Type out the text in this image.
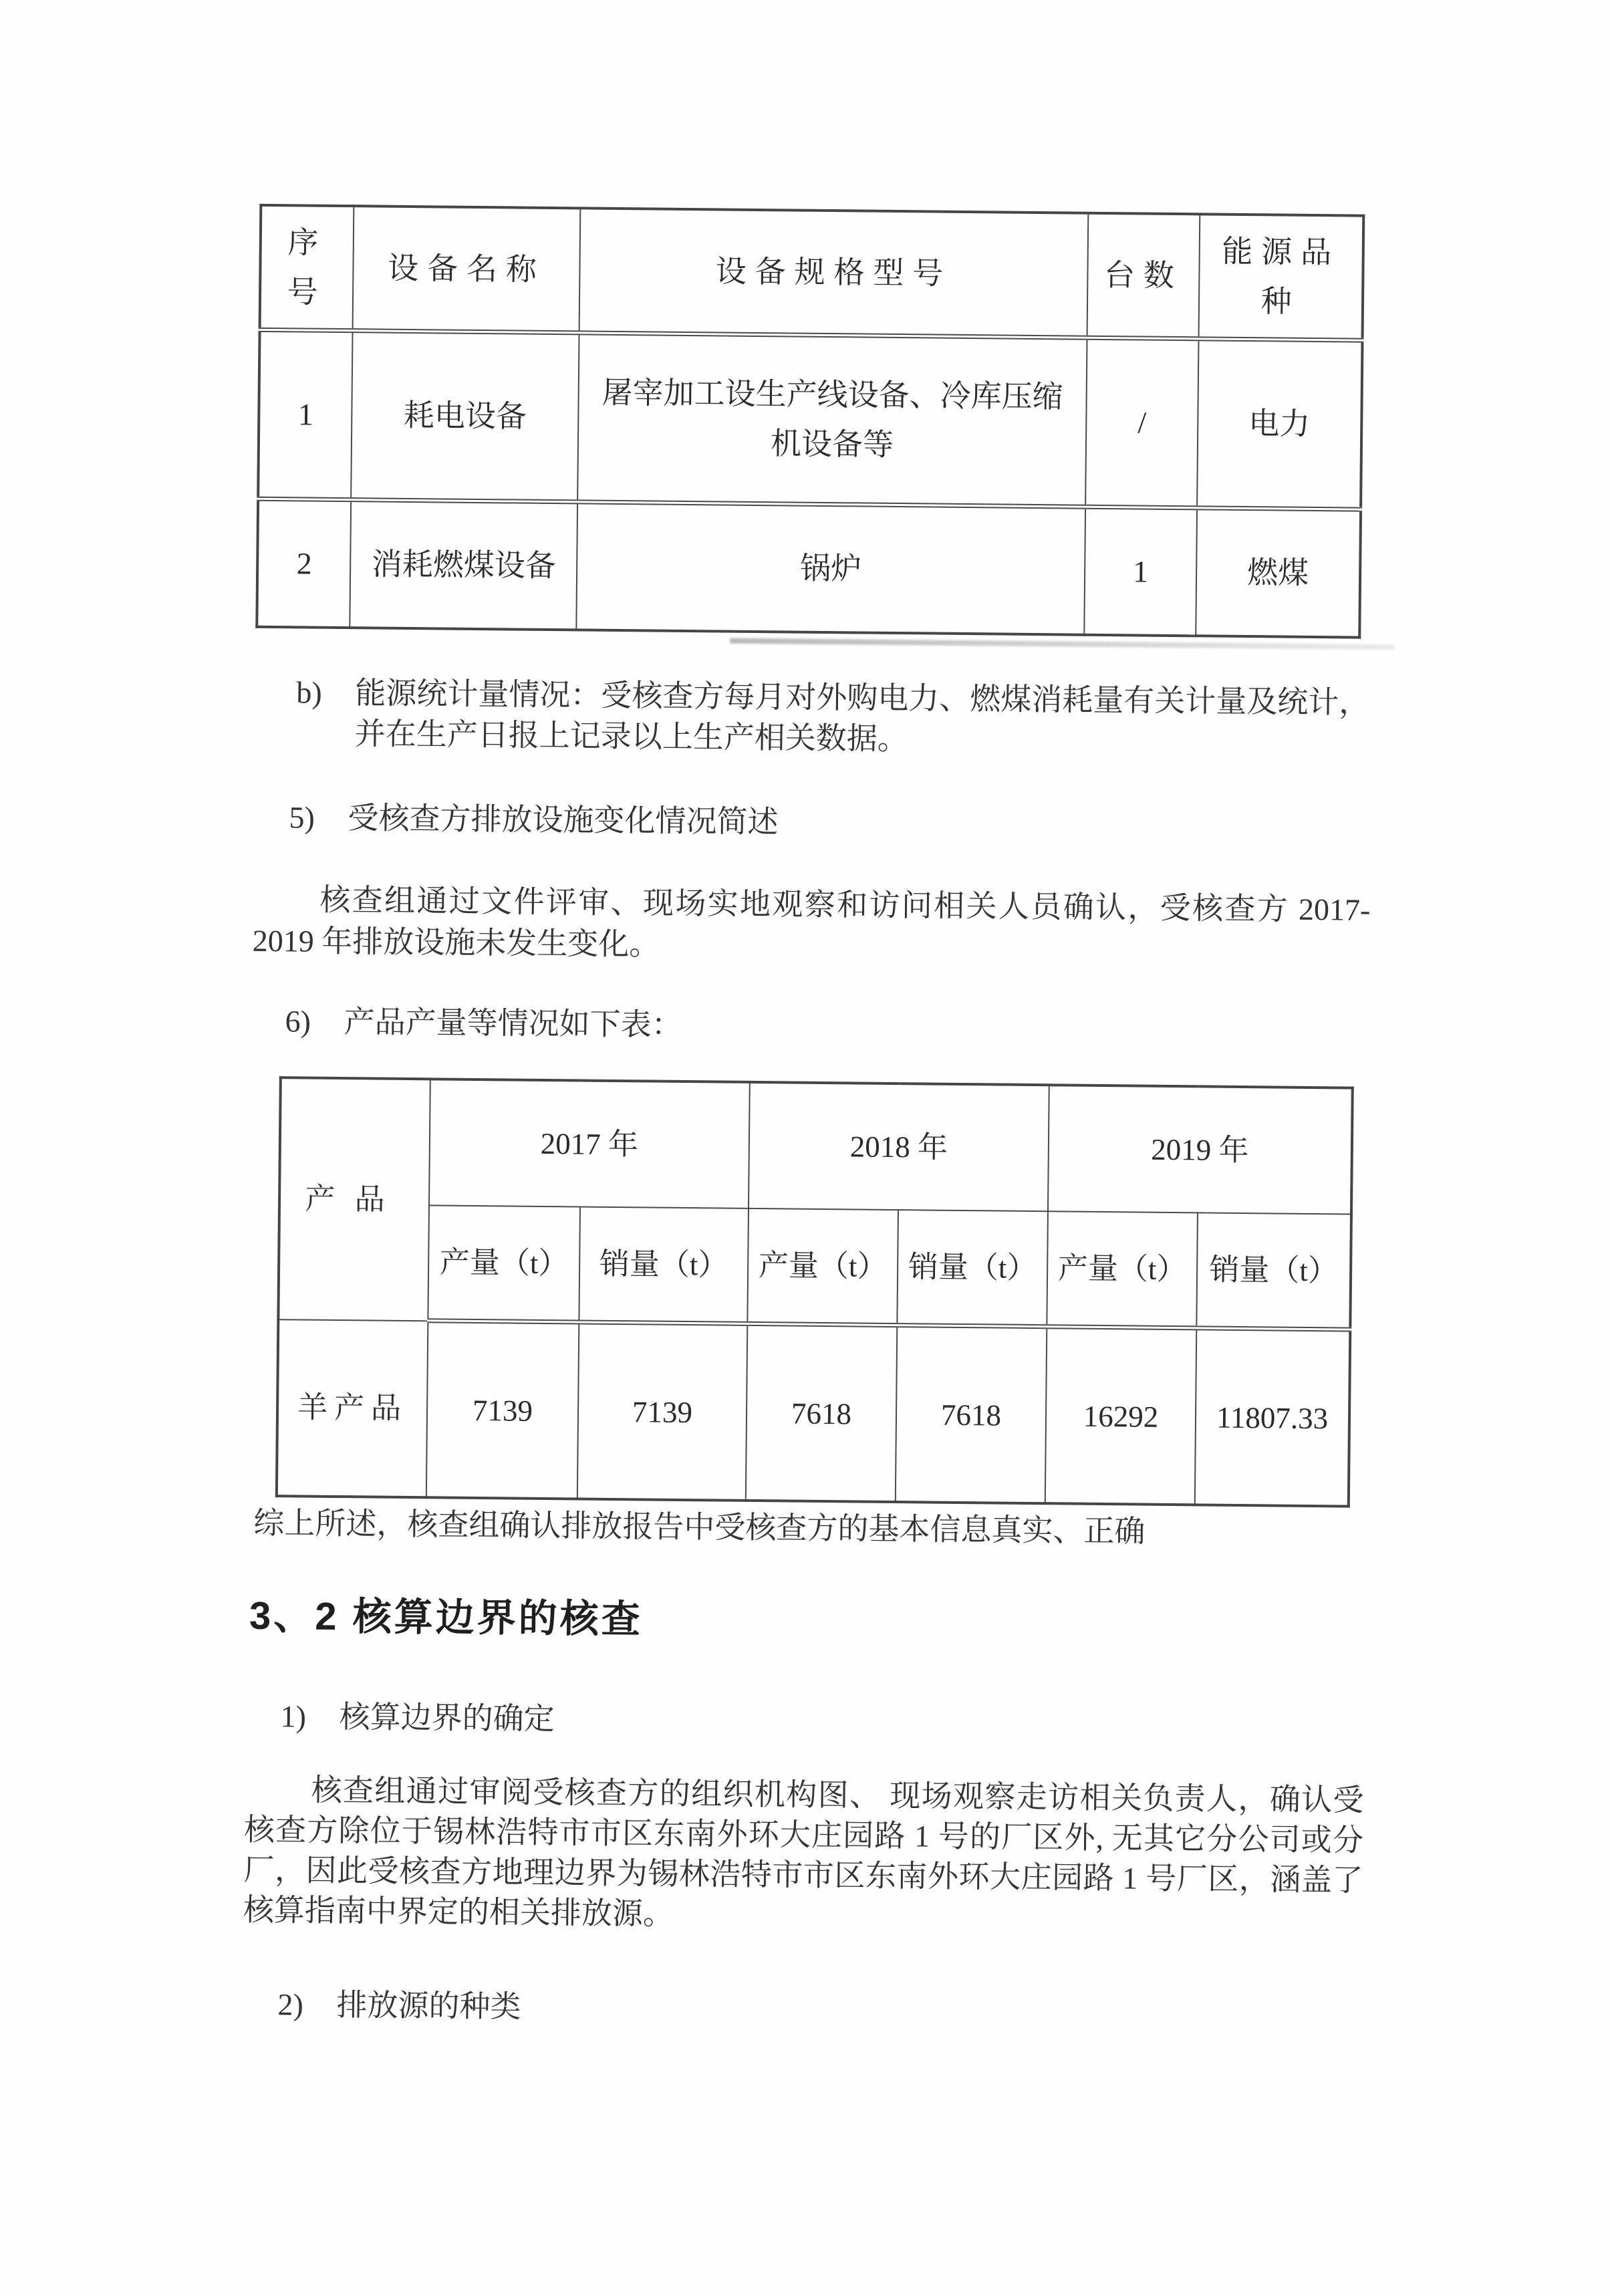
序号	设备名称	设备规格型号	台数	能源品种
1	耗电设备	屠宰加工设生产线设备、冷库压缩机设备等	/	电力
2	消耗燃煤设备	锅炉	1	燃煤
b)	能源统计量情况：受核查方每月对外购电力、燃煤消耗量有关计量及统计，并在生产日报上记录以上生产相关数据。
5)	受核查方排放设施变化情况简述
核查组通过文件评审、现场实地观察和访问相关人员确认，受核查方 2017-2019 年排放设施未发生变化。
6)	产品产量等情况如下表：
产品	2017 年		2018 年		2019 年	
	产量（t）	销量（t）	产量（t）	销量（t）	产量（t）	销量（t）
羊产品	7139	7139	7618	7618	16292	11807.33
综上所述，核查组确认排放报告中受核查方的基本信息真实、正确
3、2 核算边界的核查
1)	核算边界的确定
核查组通过审阅受核查方的组织机构图、 现场观察走访相关负责人，确认受核查方除位于锡林浩特市市区东南外环大庄园路 1 号的厂区外, 无其它分公司或分厂，因此受核查方地理边界为锡林浩特市市区东南外环大庄园路 1 号厂区，涵盖了核算指南中界定的相关排放源。
2)	排放源的种类
